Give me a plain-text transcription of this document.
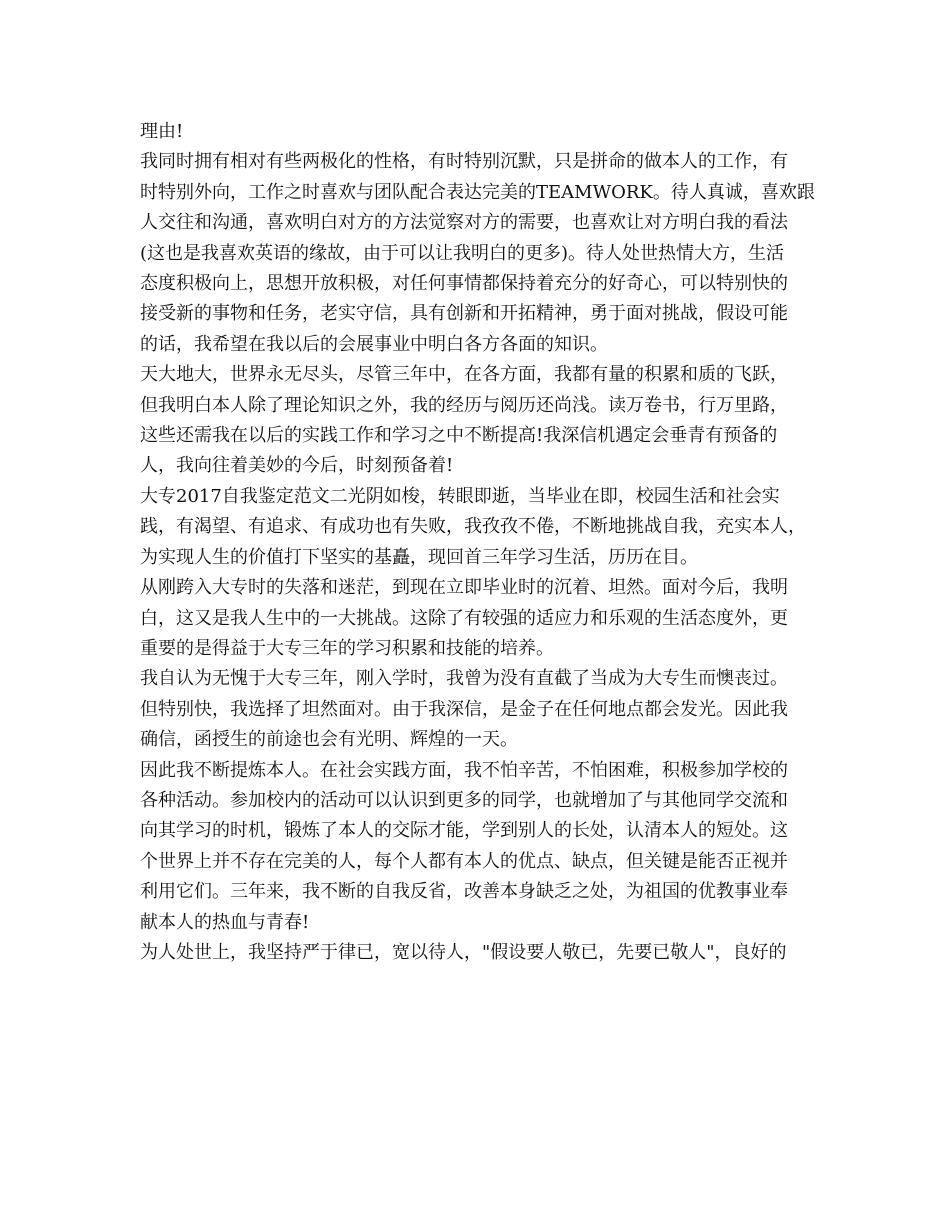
理由!

我同时拥有相对有些两极化的性格，有时特别沉默，只是拼命的做本人的工作，有
时特别外向，工作之时喜欢与团队配合表达完美的TEAMWORK。待人真诚，喜欢跟
人交往和沟通，喜欢明白对方的方法觉察对方的需要，也喜欢让对方明白我的看法
(这也是我喜欢英语的缘故，由于可以让我明白的更多)。待人处世热情大方，生活
态度积极向上，思想开放积极，对任何事情都保持着充分的好奇心，可以特别快的
接受新的事物和任务，老实守信，具有创新和开拓精神，勇于面对挑战，假设可能
的话，我希望在我以后的会展事业中明白各方各面的知识。

天大地大，世界永无尽头，尽管三年中，在各方面，我都有量的积累和质的飞跃，
但我明白本人除了理论知识之外，我的经历与阅历还尚浅。读万卷书，行万里路，
这些还需我在以后的实践工作和学习之中不断提高!我深信机遇定会垂青有预备的
人，我向往着美妙的今后，时刻预备着!

大专2017自我鉴定范文二光阴如梭，转眼即逝，当毕业在即，校园生活和社会实
践，有渴望、有追求、有成功也有失败，我孜孜不倦，不断地挑战自我，充实本人，
为实现人生的价值打下坚实的基矗，现回首三年学习生活，历历在目。

从刚跨入大专时的失落和迷茫，到现在立即毕业时的沉着、坦然。面对今后，我明
白，这又是我人生中的一大挑战。这除了有较强的适应力和乐观的生活态度外，更
重要的是得益于大专三年的学习积累和技能的培养。

我自认为无愧于大专三年，刚入学时，我曾为没有直截了当成为大专生而懊丧过。
但特别快，我选择了坦然面对。由于我深信，是金子在任何地点都会发光。因此我
确信，函授生的前途也会有光明、辉煌的一天。

因此我不断提炼本人。在社会实践方面，我不怕辛苦，不怕困难，积极参加学校的
各种活动。参加校内的活动可以认识到更多的同学，也就增加了与其他同学交流和
向其学习的时机，锻炼了本人的交际才能，学到别人的长处，认清本人的短处。这
个世界上并不存在完美的人，每个人都有本人的优点、缺点，但关键是能否正视并
利用它们。三年来，我不断的自我反省，改善本身缺乏之处，为祖国的优教事业奉
献本人的热血与青春!

为人处世上，我坚持严于律已，宽以待人，"假设要人敬已，先要已敬人"，良好的
